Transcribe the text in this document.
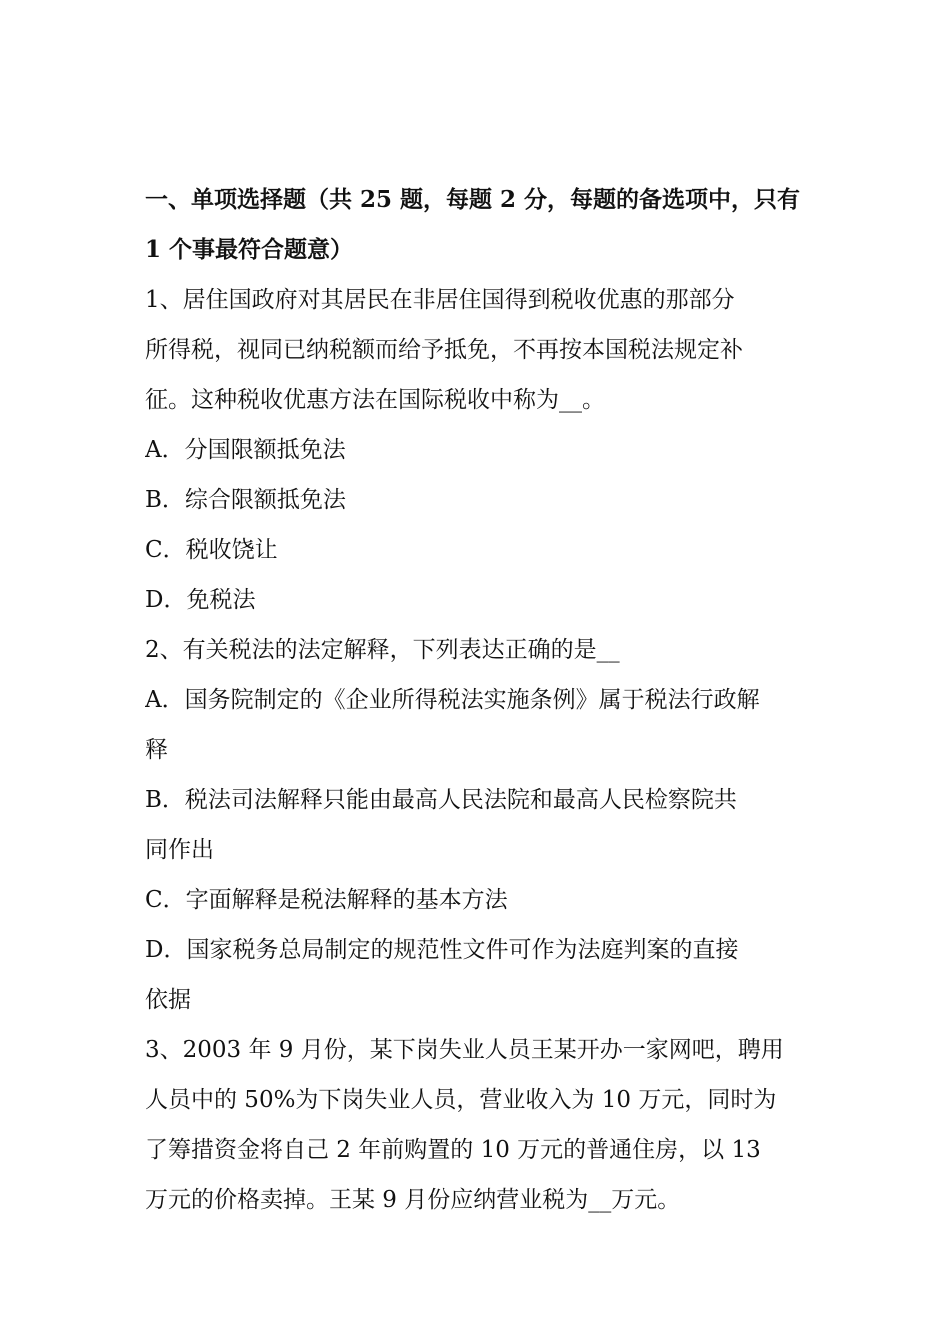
一、单项选择题（共 25 题，每题 2 分，每题的备选项中，只有
1 个事最符合题意）
1、居住国政府对其居民在非居住国得到税收优惠的那部分
所得税，视同已纳税额而给予抵免，不再按本国税法规定补
征。这种税收优惠方法在国际税收中称为__。
A．分国限额抵免法
B．综合限额抵免法
C．税收饶让
D．免税法
2、有关税法的法定解释，下列表达正确的是__
A．国务院制定的《企业所得税法实施条例》属于税法行政解
释
B．税法司法解释只能由最高人民法院和最高人民检察院共
同作出
C．字面解释是税法解释的基本方法
D．国家税务总局制定的规范性文件可作为法庭判案的直接
依据
3、2003 年 9 月份，某下岗失业人员王某开办一家网吧，聘用
人员中的 50%为下岗失业人员，营业收入为 10 万元，同时为
了筹措资金将自己 2 年前购置的 10 万元的普通住房，以 13
万元的价格卖掉。王某 9 月份应纳营业税为__万元。
